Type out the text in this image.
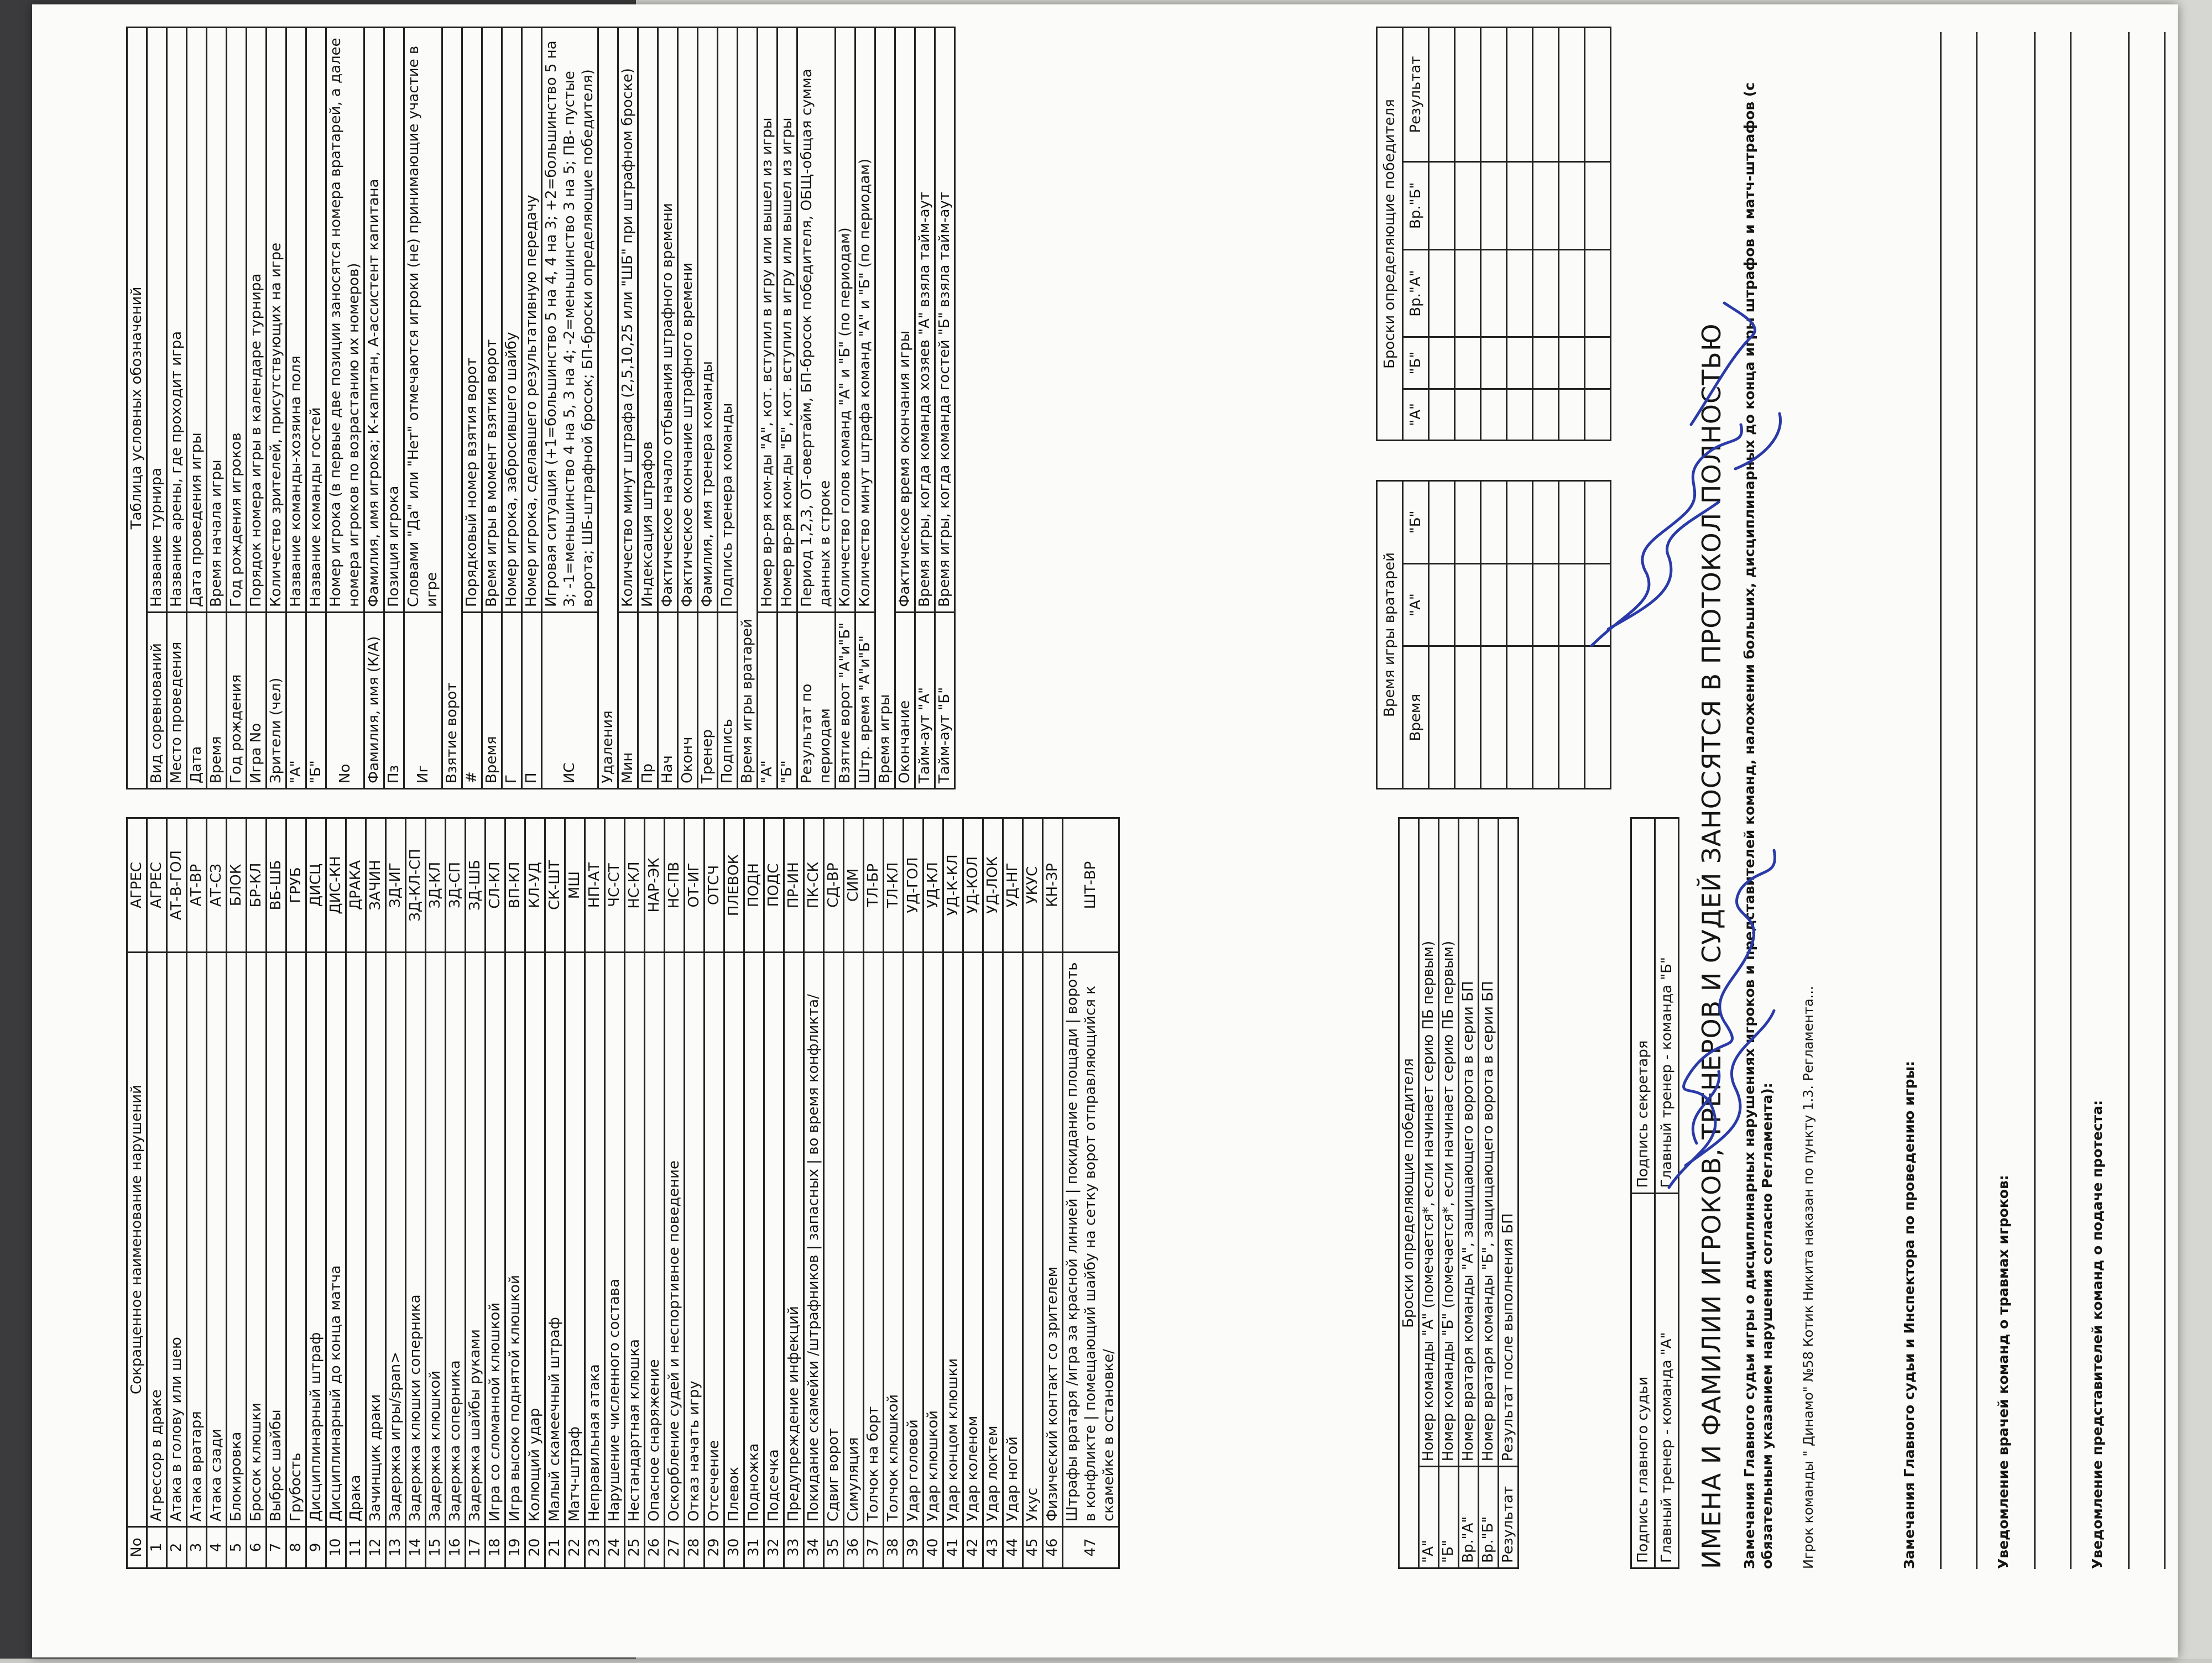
No	Сокращенное наименование нарушений	АГРЕС
1	Агрессор в драке	АГРЕС
2	Атака в голову или шею	АТ-В-ГОЛ
3	Атака вратаря	АТ-ВР
4	Атака сзади	АТ-СЗ
5	Блокировка	БЛОК
6	Бросок клюшки	БР-КЛ
7	Выброс шайбы	ВБ-ШБ
8	Грубость	ГРУБ
9	Дисциплинарный штраф	ДИСЦ
10	Дисциплинарный до конца матча	ДИС-КН
11	Драка	ДРАКА
12	Зачинщик драки	ЗАЧИН
13	Задержка игры/span>	ЗД-ИГ
14	Задержка клюшки соперника	ЗД-КЛ-СП
15	Задержка клюшкой	ЗД-КЛ
16	Задержка соперника	ЗД-СП
17	Задержка шайбы руками	ЗД-ШБ
18	Игра со сломанной клюшкой	СЛ-КЛ
19	Игра высоко поднятой клюшкой	ВП-КЛ
20	Колющий удар	КЛ-УД
21	Малый скамеечный штраф	СК-ШТ
22	Матч-штраф	МШ
23	Неправильная атака	НП-АТ
24	Нарушение численного состава	ЧС-СТ
25	Нестандартная клюшка	НС-КЛ
26	Опасное снаряжение	НАР-ЭК
27	Оскорбление судей и неспортивное поведение	НС-ПВ
28	Отказ начать игру	ОТ-ИГ
29	Отсечение	ОТСЧ
30	Плевок	ПЛЕВОК
31	Подножка	ПОДН
32	Подсечка	ПОДС
33	Предупреждение инфекций	ПР-ИН
34	Покидание скамейки /штрафников | запасных | во время конфликта/	ПК-СК
35	Сдвиг ворот	СД-ВР
36	Симуляция	СИМ
37	Толчок на борт	ТЛ-БР
38	Толчок клюшкой	ТЛ-КЛ
39	Удар головой	УД-ГОЛ
40	Удар клюшкой	УД-КЛ
41	Удар концом клюшки	УД-К-КЛ
42	Удар коленом	УД-КОЛ
43	Удар локтем	УД-ЛОК
44	Удар ногой	УД-НГ
45	Укус	УКУС
46	Физический контакт со зрителем	КН-ЗР
47	Штрафы вратаря /игра за красной линией | покидание площади | вороть в конфликте | помещающий шайбу на сетку ворот отправляющийся к скамейке в остановке/	ШТ-ВР
Таблица условных обозначений	
Вид соревнований	Название турнира
Место проведения	Название арены, где проходит игра
Дата	Дата проведения игры
Время	Время начала игры
Год рождения	Год рождения игроков
Игра No	Порядок номера игры в календаре турнира
Зрители (чел)	Количество зрителей, присутствующих на игре
"А"	Название команды-хозяина поля
"Б"	Название команды гостей
No	Номер игрока (в первые две позиции заносятся номера вратарей, а далее номера игроков по возрастанию их номеров)
Фамилия, имя (К/А)	Фамилия, имя игрока; К-капитан, А-ассистент капитана
Пз	Позиция игрока
Иг	Словами "Да" или "Нет" отмечаются игроки (не) принимающие участие в игре
Взятие ворот	
#	Порядковый номер взятия ворот
Время	Время игры в момент взятия ворот
Г	Номер игрока, забросившего шайбу
П	Номер игрока, сделавшего результативную передачу
ИС	Игровая ситуация (+1=большинство 5 на 4, 4 на 3; +2=большинство 5 на 3; -1=меньшинство 4 на 5, 3 на 4; -2=меньшинство 3 на 5; ПВ- пустые ворота; ШБ-штрафной бросок; БП-броски определяющие победителя)
Удаления	
Мин	Количество минут штрафа (2,5,10,25 или "ШБ" при штрафном броске)
Пр	Индексация штрафов
Нач	Фактическое начало отбывания штрафного времени
Оконч	Фактическое окончание штрафного времени
Тренер	Фамилия, имя тренера команды
Подпись	Подпись тренера команды
Время игры вратарей	
"А"	Номер вр-ря ком-ды "А", кот. вступил в игру или вышел из игры
"Б"	Номер вр-ря ком-ды "Б", кот. вступил в игру или вышел из игры
Результат по периодам	Период 1,2,3, ОТ-овертайм, БП-бросок победителя, ОБЩ-общая сумма данных в строке
Взятие ворот "А"и"Б"	Количество голов команд "А" и "Б" (по периодам)
Штр. время "А"и"Б"	Количество минут штрафа команд "А" и "Б" (по периодам)
Время игры	
Окончание	Фактическое время окончания игры
Тайм-аут "А"	Время игры, когда команда хозяев "А" взяла тайм-аут
Тайм-аут "Б"	Время игры, когда команда гостей "Б" взяла тайм-аут
Броски определяющие победителя	
"А"	Номер команды "А" (помечается*, если начинает серию ПБ первым)
"Б"	Номер команды "Б" (помечается*, если начинает серию ПБ первым)
Вр."А"	Номер вратаря команды "А", защищающего ворота в серии БП
Вр."Б"	Номер вратаря команды "Б", защищающего ворота в серии БП
Результат	Результат после выполнения БП
Подпись главного судьи	Подпись секретаря
Главный тренер - команда "А"	Главный тренер - команда "Б"
Время игры вратарей		
Время	"А"	"Б"

Броски определяющие победителя				
"А"	"Б"	Вр."А"	Вр."Б"	Результат

ИМЕНА И ФАМИЛИИ ИГРОКОВ, ТРЕНЕРОВ И СУДЕЙ ЗАНОСЯТСЯ В ПРОТОКОЛ ПОЛНОСТЬЮ Замечания Главного судьи игры о дисциплинарных нарушениях игроков и представителей команд, наложении больших, дисциплинарных до конца игры штрафов и матч-штрафов (с обязательным указанием нарушения согласно Регламента): Игрок команды " Динамо" №58 Котик Никита наказан по пункту 1.3. Регламента...	Замечания Главного судьи и Инспектора по проведению игры:	Уведомление врачей команд о травмах игроков:	Уведомление представителей команд о подаче протеста:
